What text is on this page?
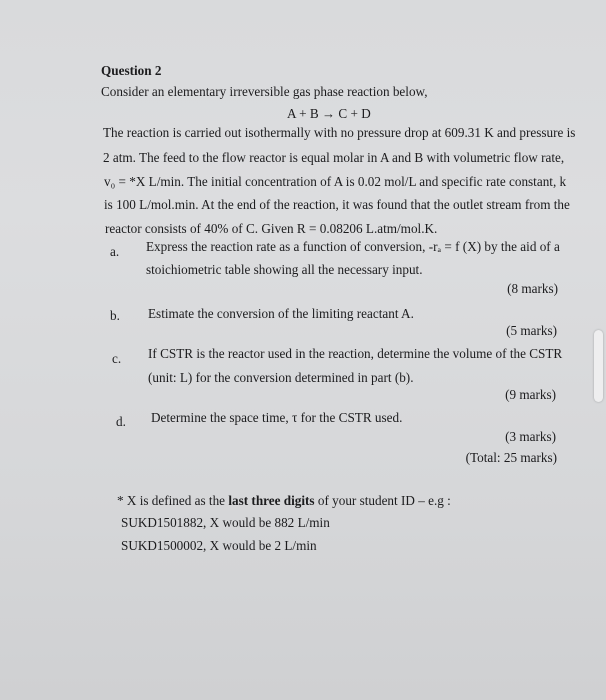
Question 2
Consider an elementary irreversible gas phase reaction below,
A + B → C + D
The reaction is carried out isothermally with no pressure drop at 609.31 K and pressure is
2 atm. The feed to the flow reactor is equal molar in A and B with volumetric flow rate,
v₀ = *X L/min. The initial concentration of A is 0.02 mol/L and specific rate constant, k
is 100 L/mol.min. At the end of the reaction, it was found that the outlet stream from the
reactor consists of 40% of C. Given R = 0.08206 L.atm/mol.K.
a. Express the reaction rate as a function of conversion, -rₐ = f (X) by the aid of a
stoichiometric table showing all the necessary input.
(8 marks)
b. Estimate the conversion of the limiting reactant A.
(5 marks)
c. If CSTR is the reactor used in the reaction, determine the volume of the CSTR
(unit: L) for the conversion determined in part (b).
(9 marks)
d. Determine the space time, τ for the CSTR used.
(3 marks)
(Total: 25 marks)
* X is defined as the last three digits of your student ID – e.g :
SUKD1501882, X would be 882 L/min
SUKD1500002, X would be 2 L/min
